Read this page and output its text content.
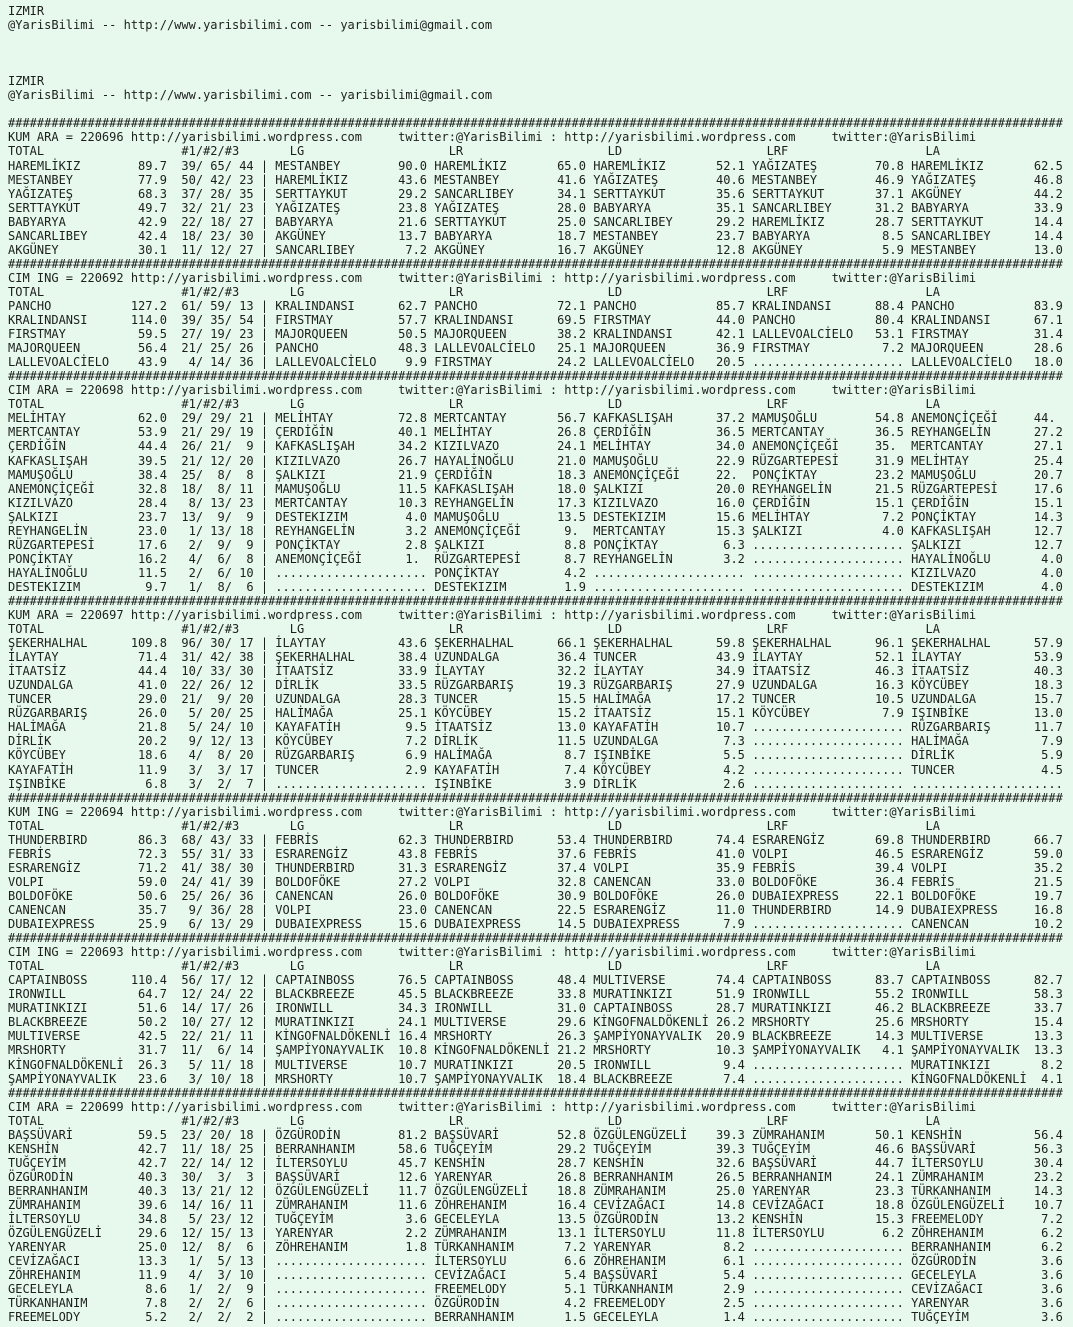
IZMIR
@YarisBilimi -- http://www.yarisbilimi.com -- yarisbilimi@gmail.com
IZMIR
@YarisBilimi -- http://www.yarisbilimi.com -- yarisbilimi@gmail.com
##################################################################################################################################################
KUM ARA = 220696 http://yarisbilimi.wordpress.com     twitter:@YarisBilimi : http://yarisbilimi.wordpress.com     twitter:@YarisBilimi
TOTAL                   #1/#2/#3       LG                    LR                    LD                    LRF                   LA
HAREMLİKIZ        89.7  39/ 65/ 44 | MESTANBEY        90.0 HAREMLİKIZ       65.0 HAREMLİKIZ       52.1 YAĞIZATEŞ        70.8 HAREMLİKIZ       62.5
MESTANBEY         77.9  50/ 42/ 23 | HAREMLİKIZ       43.6 MESTANBEY        41.6 YAĞIZATEŞ        40.6 MESTANBEY        46.9 YAĞIZATEŞ        46.8
YAĞIZATEŞ         68.3  37/ 28/ 35 | SERTTAYKUT       29.2 SANCARLIBEY      34.1 SERTTAYKUT       35.6 SERTTAYKUT       37.1 AKGÜNEY          44.2
SERTTAYKUT        49.7  32/ 21/ 23 | YAĞIZATEŞ        23.8 YAĞIZATEŞ        28.0 BABYARYA         35.1 SANCARLIBEY      31.2 BABYARYA         33.9
BABYARYA          42.9  22/ 18/ 27 | BABYARYA         21.6 SERTTAYKUT       25.0 SANCARLIBEY      29.2 HAREMLİKIZ       28.7 SERTTAYKUT       14.4
SANCARLIBEY       42.4  18/ 23/ 30 | AKGÜNEY          13.7 BABYARYA         18.7 MESTANBEY        23.7 BABYARYA          8.5 SANCARLIBEY      14.4
AKGÜNEY           30.1  11/ 12/ 27 | SANCARLIBEY       7.2 AKGÜNEY          16.7 AKGÜNEY          12.8 AKGÜNEY           5.9 MESTANBEY        13.0
##################################################################################################################################################
CIM ING = 220692 http://yarisbilimi.wordpress.com     twitter:@YarisBilimi : http://yarisbilimi.wordpress.com     twitter:@YarisBilimi
TOTAL                   #1/#2/#3       LG                    LR                    LD                    LRF                   LA
PANCHO           127.2  61/ 59/ 13 | KRALINDANSI      62.7 PANCHO           72.1 PANCHO           85.7 KRALINDANSI      88.4 PANCHO           83.9
KRALINDANSI      114.0  39/ 35/ 54 | FIRSTMAY         57.7 KRALINDANSI      69.5 FIRSTMAY         44.0 PANCHO           80.4 KRALINDANSI      67.1
FIRSTMAY          59.5  27/ 19/ 23 | MAJORQUEEN       50.5 MAJORQUEEN       38.2 KRALINDANSI      42.1 LALLEVOALCİELO   53.1 FIRSTMAY         31.4
MAJORQUEEN        56.4  21/ 25/ 26 | PANCHO           48.3 LALLEVOALCİELO   25.1 MAJORQUEEN       36.9 FIRSTMAY          7.2 MAJORQUEEN       28.6
LALLEVOALCİELO    43.9   4/ 14/ 36 | LALLEVOALCİELO    9.9 FIRSTMAY         24.2 LALLEVOALCİELO   20.5 ..................... LALLEVOALCİELO   18.0
##################################################################################################################################################
CIM ARA = 220698 http://yarisbilimi.wordpress.com     twitter:@YarisBilimi : http://yarisbilimi.wordpress.com     twitter:@YarisBilimi
TOTAL                   #1/#2/#3       LG                    LR                    LD                    LRF                   LA
MELİHTAY          62.0  29/ 29/ 21 | MELİHTAY         72.8 MERTCANTAY       56.7 KAFKASLIŞAH      37.2 MAMUŞOĞLU        54.8 ANEMONÇİÇEĞİ     44.
MERTCANTAY        53.9  21/ 29/ 19 | ÇERDİĞİN         40.1 MELİHTAY         26.8 ÇERDİĞİN         36.5 MERTCANTAY       36.5 REYHANGELİN      27.2
ÇERDİĞİN          44.4  26/ 21/  9 | KAFKASLIŞAH      34.2 KIZILVAZO        24.1 MELİHTAY         34.0 ANEMONÇİÇEĞİ     35.  MERTCANTAY       27.1
KAFKASLIŞAH       39.5  21/ 12/ 20 | KIZILVAZO        26.7 HAYALİNOĞLU      21.0 MAMUŞOĞLU        22.9 RÜZGARTEPESİ     31.9 MELİHTAY         25.4
MAMUŞOĞLU         38.4  25/  8/  8 | ŞALKIZI          21.9 ÇERDİĞİN         18.3 ANEMONÇİÇEĞİ     22.  PONÇİKTAY        23.2 MAMUŞOĞLU        20.7
ANEMONÇİÇEĞİ      32.8  18/  8/ 11 | MAMUŞOĞLU        11.5 KAFKASLIŞAH      18.0 ŞALKIZI          20.0 REYHANGELİN      21.5 RÜZGARTEPESİ     17.6
KIZILVAZO         28.4   8/ 13/ 23 | MERTCANTAY       10.3 REYHANGELİN      17.3 KIZILVAZO        16.0 ÇERDİĞİN         15.1 ÇERDİĞİN         15.1
ŞALKIZI           23.7  13/  9/  9 | DESTEKIZIM        4.0 MAMUŞOĞLU        13.5 DESTEKIZIM       15.6 MELİHTAY          7.2 PONÇİKTAY        14.3
REYHANGELİN       23.0   1/ 13/ 18 | REYHANGELİN       3.2 ANEMONÇİÇEĞİ      9.  MERTCANTAY       15.3 ŞALKIZI           4.0 KAFKASLIŞAH      12.7
RÜZGARTEPESİ      17.6   2/  9/  9 | PONÇİKTAY         2.8 ŞALKIZI           8.8 PONÇİKTAY         6.3 ..................... ŞALKIZI          12.7
PONÇİKTAY         16.2   4/  6/  8 | ANEMONÇİÇEĞİ      1.  RÜZGARTEPESİ      8.7 REYHANGELİN       3.2 ..................... HAYALİNOĞLU       4.0
HAYALİNOĞLU       11.5   2/  6/ 10 | ..................... PONÇİKTAY         4.2 ..................... ..................... KIZILVAZO         4.0
DESTEKIZIM         9.7   1/  8/  6 | ..................... DESTEKIZIM        1.9 ..................... ..................... DESTEKIZIM        4.0
##################################################################################################################################################
KUM ARA = 220697 http://yarisbilimi.wordpress.com     twitter:@YarisBilimi : http://yarisbilimi.wordpress.com     twitter:@YarisBilimi
TOTAL                   #1/#2/#3       LG                    LR                    LD                    LRF                   LA
ŞEKERHALHAL      109.8  96/ 30/ 17 | İLAYTAY          43.6 ŞEKERHALHAL      66.1 ŞEKERHALHAL      59.8 ŞEKERHALHAL      96.1 ŞEKERHALHAL      57.9
İLAYTAY           71.4  31/ 42/ 38 | ŞEKERHALHAL      38.4 UZUNDALGA        36.4 TUNCER           43.9 İLAYTAY          52.1 İLAYTAY          53.9
İTAATSİZ          44.4  10/ 33/ 30 | İTAATSİZ         33.9 İLAYTAY          32.2 İLAYTAY          34.9 İTAATSİZ         46.3 İTAATSİZ         40.3
UZUNDALGA         41.0  22/ 26/ 12 | DİRLİK           33.5 RÜZGARBARIŞ      19.3 RÜZGARBARIŞ      27.9 UZUNDALGA        16.3 KÖYCÜBEY         18.3
TUNCER            29.0  21/  9/ 20 | UZUNDALGA        28.3 TUNCER           15.5 HALİMAĞA         17.2 TUNCER           10.5 UZUNDALGA        15.7
RÜZGARBARIŞ       26.0   5/ 20/ 25 | HALİMAĞA         25.1 KÖYCÜBEY         15.2 İTAATSİZ         15.1 KÖYCÜBEY          7.9 IŞINBİKE         13.0
HALİMAĞA          21.8   5/ 24/ 10 | KAYAFATİH         9.5 İTAATSİZ         13.0 KAYAFATİH        10.7 ..................... RÜZGARBARIŞ      11.7
DİRLİK            20.2   9/ 12/ 13 | KÖYCÜBEY          7.2 DİRLİK           11.5 UZUNDALGA         7.3 ..................... HALİMAĞA          7.9
KÖYCÜBEY          18.6   4/  8/ 20 | RÜZGARBARIŞ       6.9 HALİMAĞA          8.7 IŞINBİKE          5.5 ..................... DİRLİK            5.9
KAYAFATİH         11.9   3/  3/ 17 | TUNCER            2.9 KAYAFATİH         7.4 KÖYCÜBEY          4.2 ..................... TUNCER            4.5
IŞINBİKE           6.8   3/  2/  7 | ..................... IŞINBİKE          3.9 DİRLİK            2.6 ..................... .....................
##################################################################################################################################################
KUM ING = 220694 http://yarisbilimi.wordpress.com     twitter:@YarisBilimi : http://yarisbilimi.wordpress.com     twitter:@YarisBilimi
TOTAL                   #1/#2/#3       LG                    LR                    LD                    LRF                   LA
THUNDERBIRD       86.3  68/ 43/ 33 | FEBRİS           62.3 THUNDERBIRD      53.4 THUNDERBIRD      74.4 ESRARENGİZ       69.8 THUNDERBIRD      66.7
FEBRİS            72.3  55/ 31/ 33 | ESRARENGİZ       43.8 FEBRİS           37.6 FEBRİS           41.0 VOLPI            46.5 ESRARENGİZ       59.0
ESRARENGİZ        71.2  41/ 38/ 30 | THUNDERBIRD      31.3 ESRARENGİZ       37.4 VOLPI            35.9 FEBRİS           39.4 VOLPI            35.2
VOLPI             59.0  24/ 41/ 39 | BOLDOFÖKE        27.2 VOLPI            32.8 CANENCAN         33.0 BOLDOFÖKE        36.4 FEBRİS           21.5
BOLDOFÖKE         50.6  25/ 26/ 36 | CANENCAN         26.0 BOLDOFÖKE        30.9 BOLDOFÖKE        26.0 DUBAIEXPRESS     22.1 BOLDOFÖKE        19.7
CANENCAN          35.7   9/ 36/ 28 | VOLPI            23.0 CANENCAN         22.5 ESRARENGİZ       11.0 THUNDERBIRD      14.9 DUBAIEXPRESS     16.8
DUBAIEXPRESS      25.9   6/ 13/ 29 | DUBAIEXPRESS     15.6 DUBAIEXPRESS     14.5 DUBAIEXPRESS      7.9 ..................... CANENCAN         10.2
##################################################################################################################################################
CIM ING = 220693 http://yarisbilimi.wordpress.com     twitter:@YarisBilimi : http://yarisbilimi.wordpress.com     twitter:@YarisBilimi
TOTAL                   #1/#2/#3       LG                    LR                    LD                    LRF                   LA
CAPTAINBOSS      110.4  56/ 17/ 12 | CAPTAINBOSS      76.5 CAPTAINBOSS      48.4 MULTIVERSE       74.4 CAPTAINBOSS      83.7 CAPTAINBOSS      82.7
IRONWILL          64.7  12/ 24/ 22 | BLACKBREEZE      45.5 BLACKBREEZE      33.8 MURATINKIZI      51.9 IRONWILL         55.2 IRONWILL         58.3
MURATINKIZI       51.6  14/ 17/ 26 | IRONWILL         34.3 IRONWILL         31.0 CAPTAINBOSS      28.7 MURATINKIZI      46.2 BLACKBREEZE      33.7
BLACKBREEZE       50.2  10/ 27/ 12 | MURATINKIZI      24.1 MULTIVERSE       29.6 KİNGOFNALDÖKENLİ 26.2 MRSHORTY         25.6 MRSHORTY         15.4
MULTIVERSE        42.5  22/ 21/ 11 | KİNGOFNALDÖKENLİ 16.4 MRSHORTY         26.3 ŞAMPİYONAYVALIK  20.9 BLACKBREEZE      14.3 MULTIVERSE       13.3
MRSHORTY          31.7  11/  6/ 14 | ŞAMPİYONAYVALIK  10.8 KİNGOFNALDÖKENLİ 21.2 MRSHORTY         10.3 ŞAMPİYONAYVALIK   4.1 ŞAMPİYONAYVALIK  13.3
KİNGOFNALDÖKENLİ  26.3   5/ 11/ 18 | MULTIVERSE       10.7 MURATINKIZI      20.5 IRONWILL          9.4 ..................... MURATINKIZI       8.2
ŞAMPİYONAYVALIK   23.6   3/ 10/ 18 | MRSHORTY         10.7 ŞAMPİYONAYVALIK  18.4 BLACKBREEZE       7.4 ..................... KİNGOFNALDÖKENLİ  4.1
##################################################################################################################################################
CIM ARA = 220699 http://yarisbilimi.wordpress.com     twitter:@YarisBilimi : http://yarisbilimi.wordpress.com     twitter:@YarisBilimi
TOTAL                   #1/#2/#3       LG                    LR                    LD                    LRF                   LA
BAŞSÜVARİ         59.5  23/ 20/ 18 | ÖZGÜRODİN        81.2 BAŞSÜVARİ        52.8 ÖZGÜLENGÜZELİ    39.3 ZÜMRAHANIM       50.1 KENSHİN          56.4
KENSHİN           42.7  11/ 18/ 25 | BERRANHANIM      58.6 TUĞÇEYİM         29.2 TUĞÇEYİM         39.3 TUĞÇEYİM         46.6 BAŞSÜVARİ        56.3
TUĞÇEYİM          42.7  22/ 14/ 12 | İLTERSOYLU       45.7 KENSHİN          28.7 KENSHİN          32.6 BAŞSÜVARİ        44.7 İLTERSOYLU       30.4
ÖZGÜRODİN         40.3  30/  3/  3 | BAŞSÜVARİ        12.6 YARENYAR         26.8 BERRANHANIM      26.5 BERRANHANIM      24.1 ZÜMRAHANIM       23.2
BERRANHANIM       40.3  13/ 21/ 12 | ÖZGÜLENGÜZELİ    11.7 ÖZGÜLENGÜZELİ    18.8 ZÜMRAHANIM       25.0 YARENYAR         23.3 TÜRKANHANIM      14.3
ZÜMRAHANIM        39.6  14/ 16/ 11 | ZÜMRAHANIM       11.6 ZÖHREHANIM       16.4 CEVİZAĞACI       14.8 CEVİZAĞACI       18.8 ÖZGÜLENGÜZELİ    10.7
İLTERSOYLU        34.8   5/ 23/ 12 | TUĞÇEYİM          3.6 GECELEYLA        13.5 ÖZGÜRODİN        13.2 KENSHİN          15.3 FREEMELODY        7.2
ÖZGÜLENGÜZELİ     29.6  12/ 15/ 13 | YARENYAR          2.2 ZÜMRAHANIM       13.1 İLTERSOYLU       11.8 İLTERSOYLU        6.2 ZÖHREHANIM        6.2
YARENYAR          25.0  12/  8/  6 | ZÖHREHANIM        1.8 TÜRKANHANIM       7.2 YARENYAR          8.2 ..................... BERRANHANIM       6.2
CEVİZAĞACI        13.3   1/  5/ 13 | ..................... İLTERSOYLU        6.6 ZÖHREHANIM        6.1 ..................... ÖZGÜRODİN         3.6
ZÖHREHANIM        11.9   4/  3/ 10 | ..................... CEVİZAĞACI        5.4 BAŞSÜVARİ         5.4 ..................... GECELEYLA         3.6
GECELEYLA          8.6   1/  2/  9 | ..................... FREEMELODY        5.1 TÜRKANHANIM       2.9 ..................... CEVİZAĞACI        3.6
TÜRKANHANIM        7.8   2/  2/  6 | ..................... ÖZGÜRODİN         4.2 FREEMELODY        2.5 ..................... YARENYAR          3.6
FREEMELODY         5.2   2/  2/  2 | ..................... BERRANHANIM       1.5 GECELEYLA         1.4 ..................... TUĞÇEYİM          3.6
